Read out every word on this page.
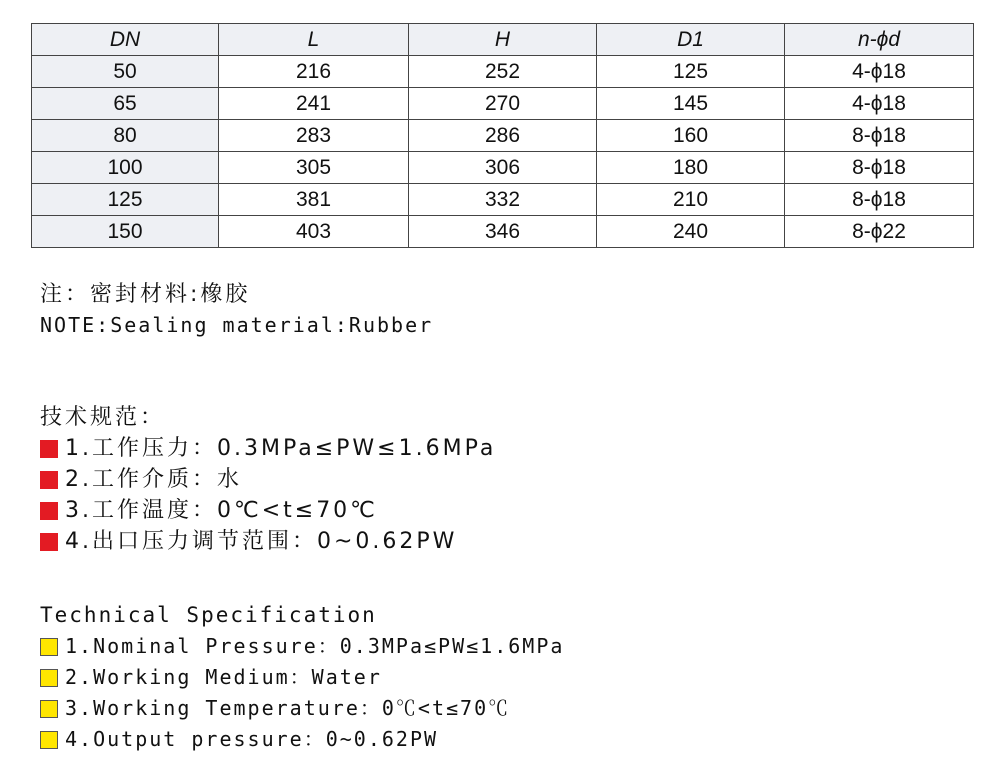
DN	L	H	D1	n-ϕd
50	216	252	125	4-ϕ18
65	241	270	145	4-ϕ18
80	283	286	160	8-ϕ18
100	305	306	180	8-ϕ18
125	381	332	210	8-ϕ18
150	403	346	240	8-ϕ22
注：密封材料:橡胶
NOTE:Sealing material:Rubber
技术规范：
1.工作压力：0.3MPa≤PW≤1.6MPa
2.工作介质：水
3.工作温度：0℃<t≤70℃
4.出口压力调节范围：0~0.62PW
Technical Specification
1.Nominal Pressure：0.3MPa≤PW≤1.6MPa
2.Working Medium：Water
3.Working Temperature：0℃<t≤70℃
4.Output pressure：0~0.62PW
